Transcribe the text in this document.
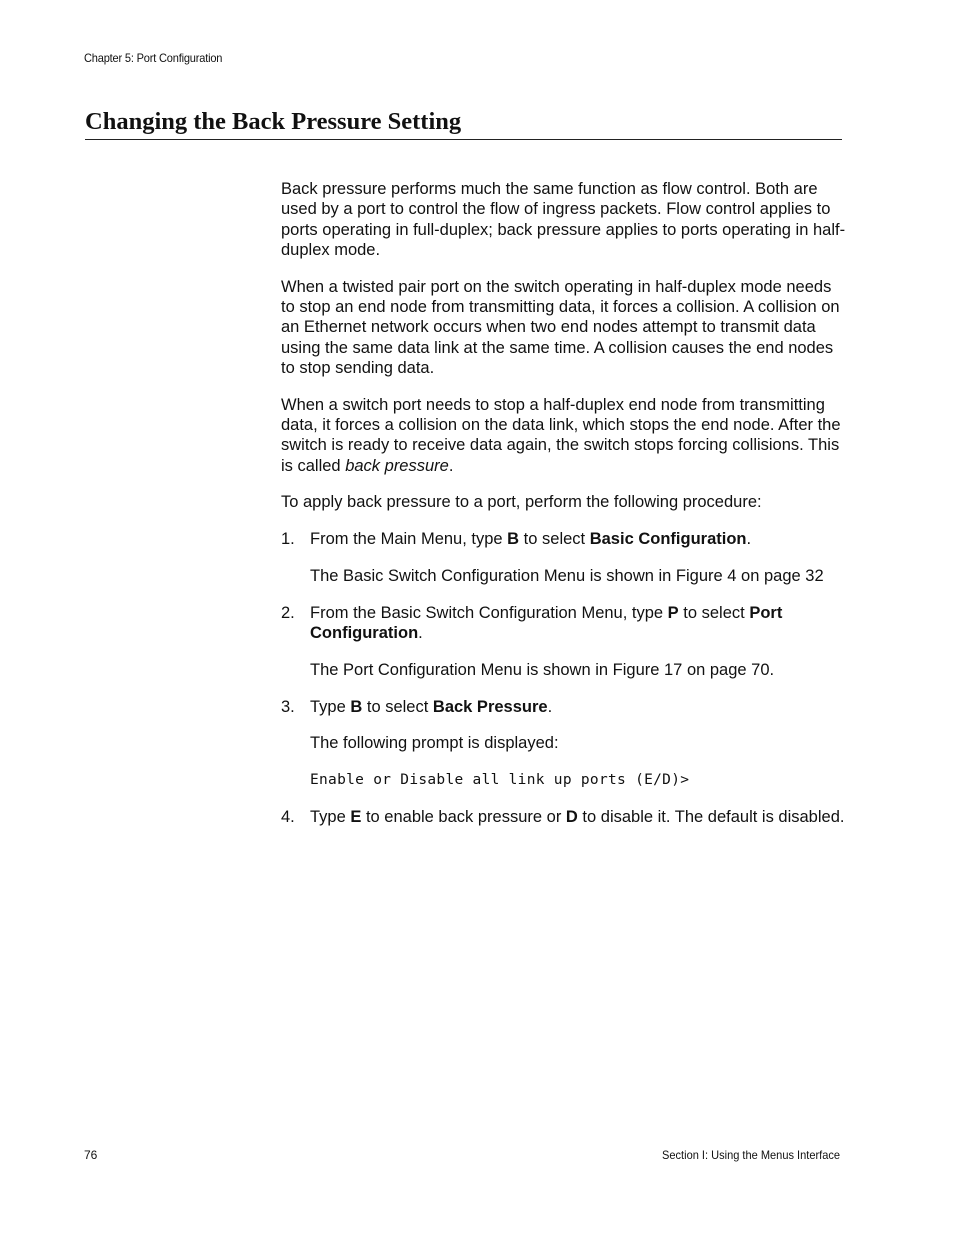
Chapter 5: Port Configuration
Changing the Back Pressure Setting

Back pressure performs much the same function as flow control. Both are used by a port to control the flow of ingress packets. Flow control applies to ports operating in full-duplex; back pressure applies to ports operating in half-duplex mode.

When a twisted pair port on the switch operating in half-duplex mode needs to stop an end node from transmitting data, it forces a collision. A collision on an Ethernet network occurs when two end nodes attempt to transmit data using the same data link at the same time. A collision causes the end nodes to stop sending data.

When a switch port needs to stop a half-duplex end node from transmitting data, it forces a collision on the data link, which stops the end node. After the switch is ready to receive data again, the switch stops forcing collisions. This is called back pressure.

To apply back pressure to a port, perform the following procedure:

1. From the Main Menu, type B to select Basic Configuration.

The Basic Switch Configuration Menu is shown in Figure 4 on page 32

2. From the Basic Switch Configuration Menu, type P to select Port Configuration.

The Port Configuration Menu is shown in Figure 17 on page 70.

3. Type B to select Back Pressure.

The following prompt is displayed:

Enable or Disable all link up ports (E/D)>
4. Type E to enable back pressure or D to disable it. The default is disabled.

76	Section I: Using the Menus Interface
